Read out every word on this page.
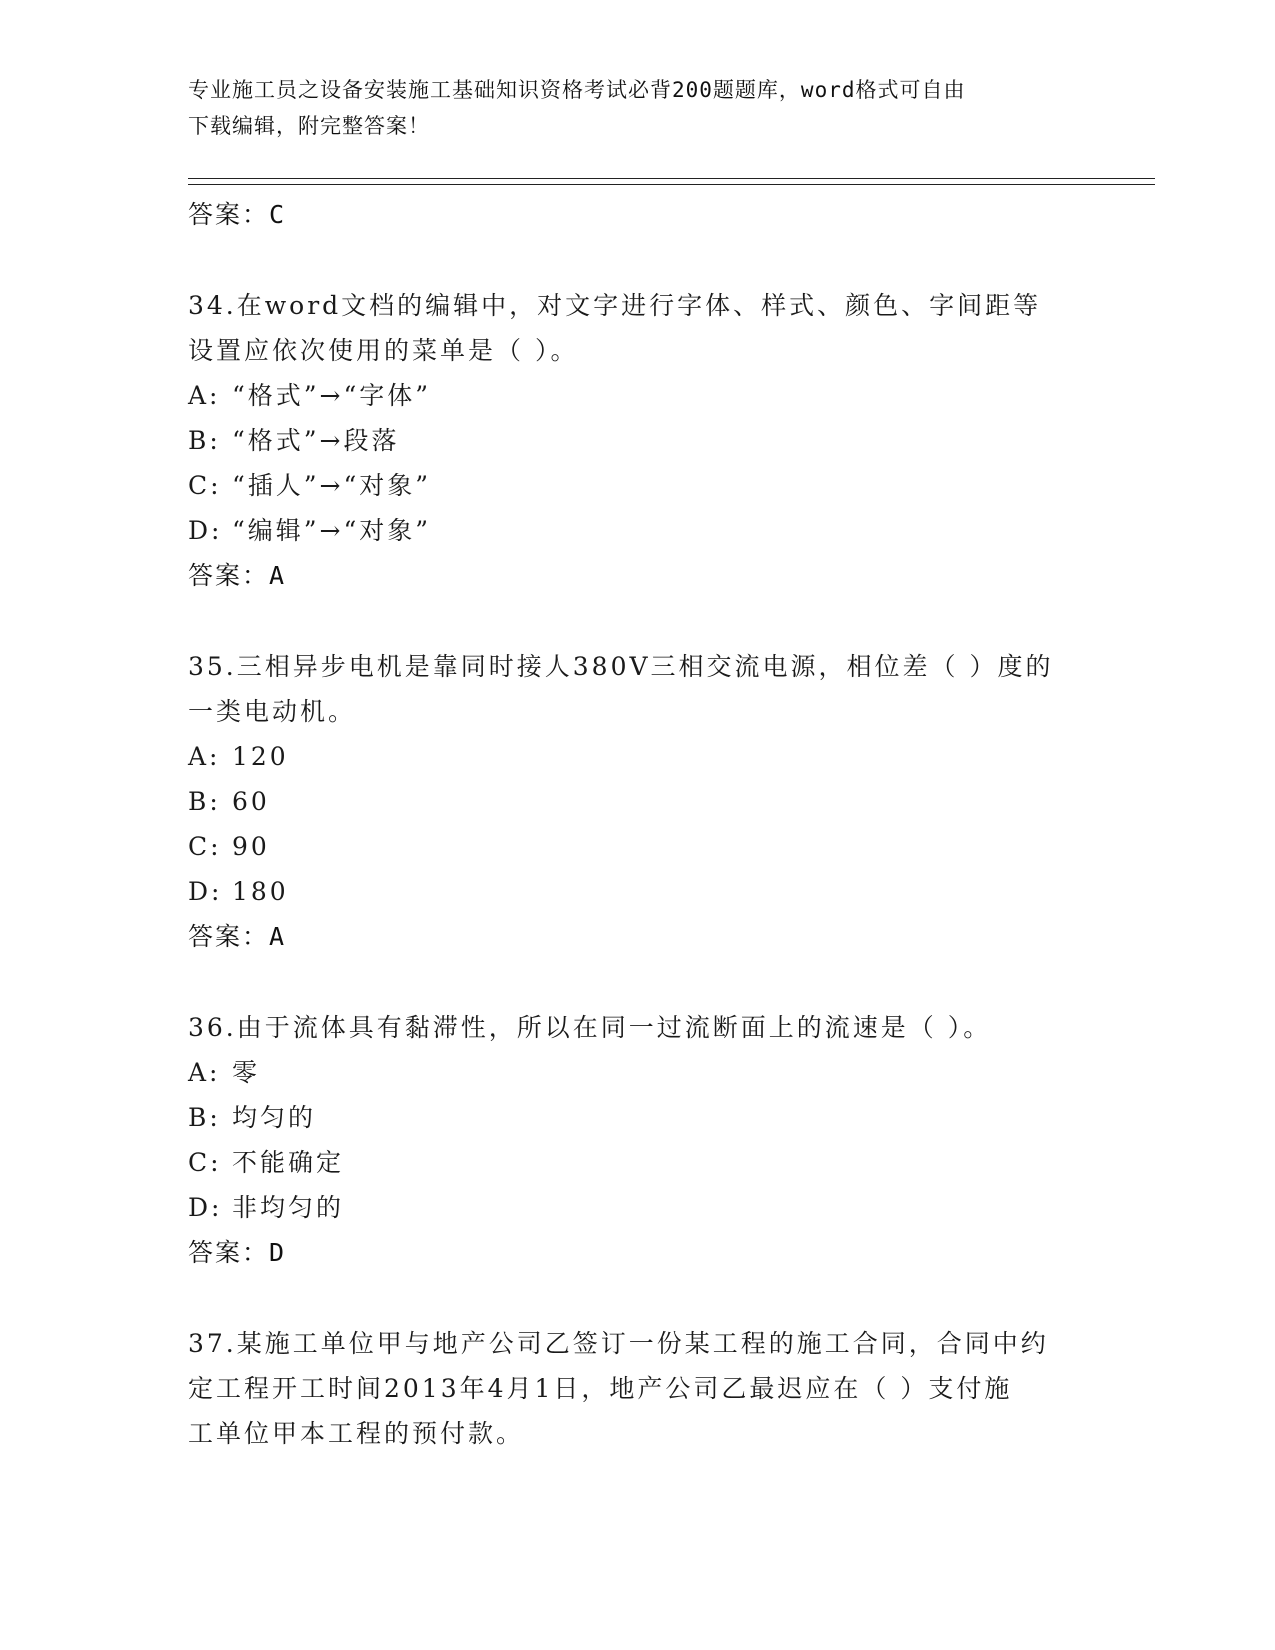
专业施工员之设备安装施工基础知识资格考试必背200题题库，word格式可自由
下载编辑，附完整答案！
答案：C
34.在word文档的编辑中，对文字进行字体、样式、颜色、字间距等
设置应依次使用的菜单是（ ）。
A: “格式”→“字体”
B: “格式”→段落
C: “插人”→“对象”
D: “编辑”→“对象”
答案：A
35.三相异步电机是靠同时接人380V三相交流电源，相位差（ ）度的
一类电动机。
A: 120
B: 60
C: 90
D: 180
答案：A
36.由于流体具有黏滞性，所以在同一过流断面上的流速是（ ）。
A: 零
B: 均匀的
C: 不能确定
D: 非均匀的
答案：D
37.某施工单位甲与地产公司乙签订一份某工程的施工合同，合同中约
定工程开工时间2013年4月1日，地产公司乙最迟应在（ ）支付施
工单位甲本工程的预付款。
